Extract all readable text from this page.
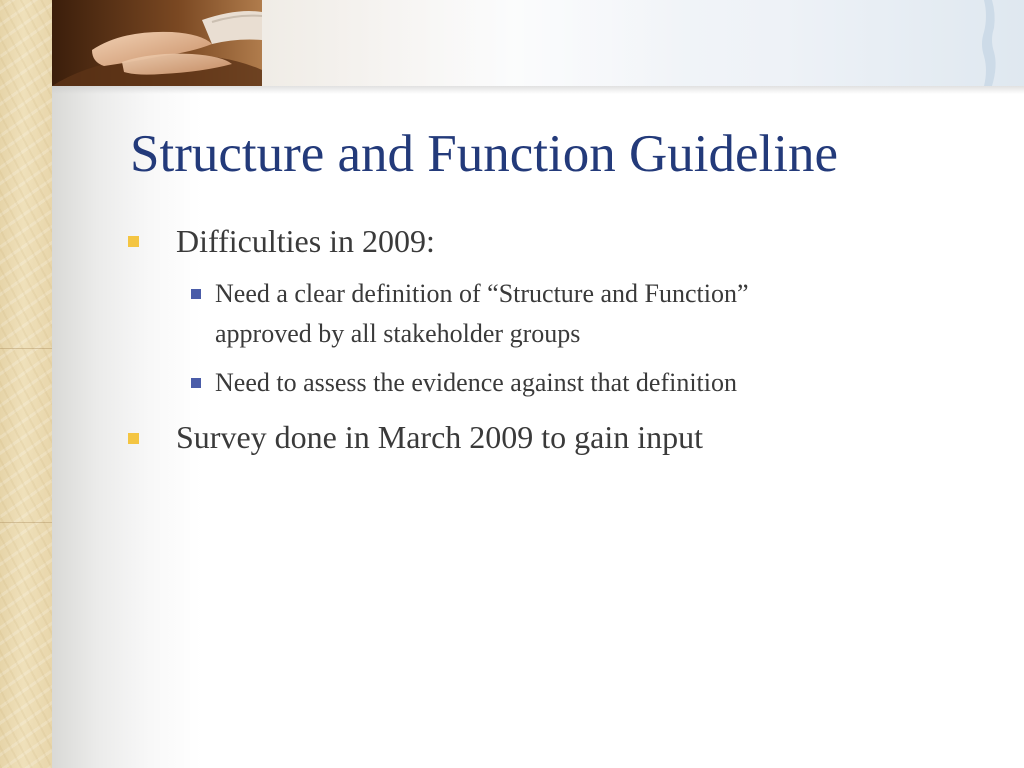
Structure and Function Guideline
Difficulties in 2009:
Need a clear definition of “Structure and Function”
approved by all stakeholder groups
Need to assess the evidence against that definition
Survey done in March 2009 to gain input
